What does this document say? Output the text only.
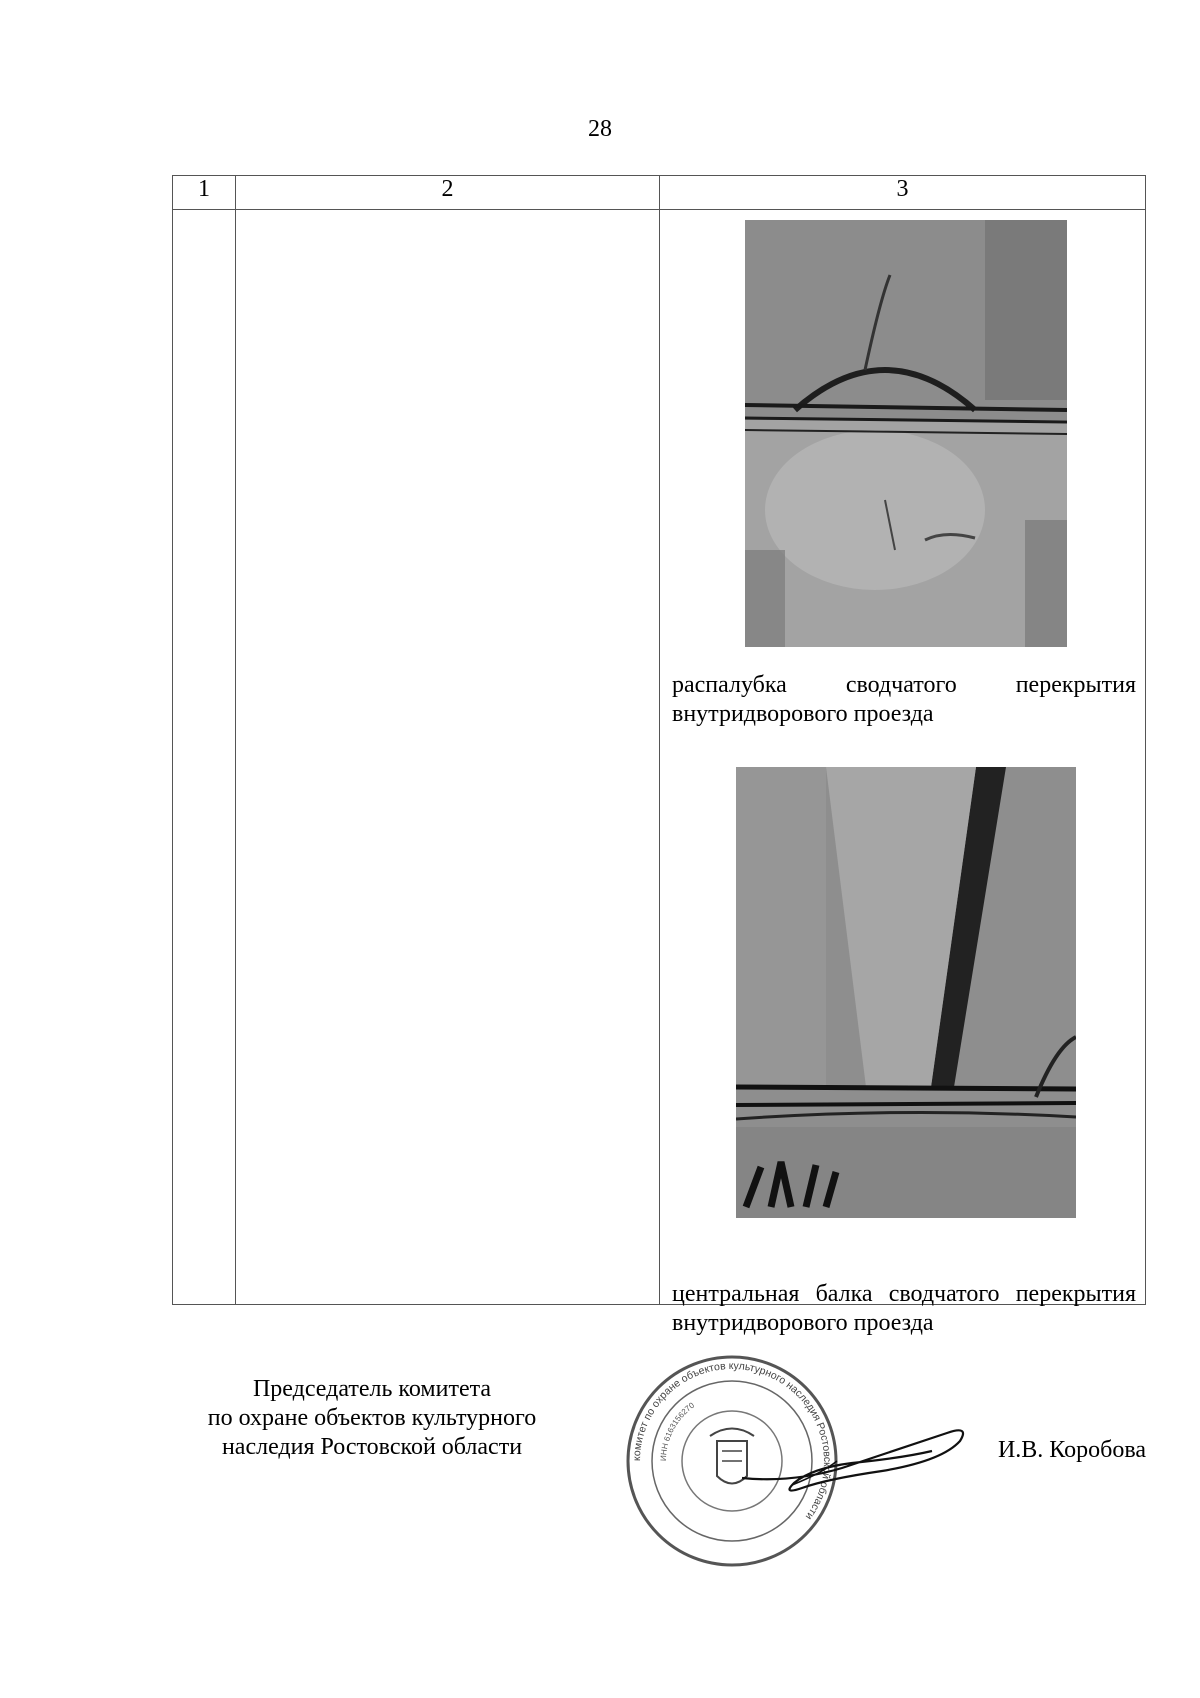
28
1	2	3

		распалубка сводчатого перекрытия внутридворового проезда
центральная балка сводчатого перекрытия внутридворового проезда
Председатель комитета
по охране объектов культурного
наследия Ростовской области	комитет по охране объектов культурного наследия Ростовской области
ИНН 6163156270
И.В. Коробова
